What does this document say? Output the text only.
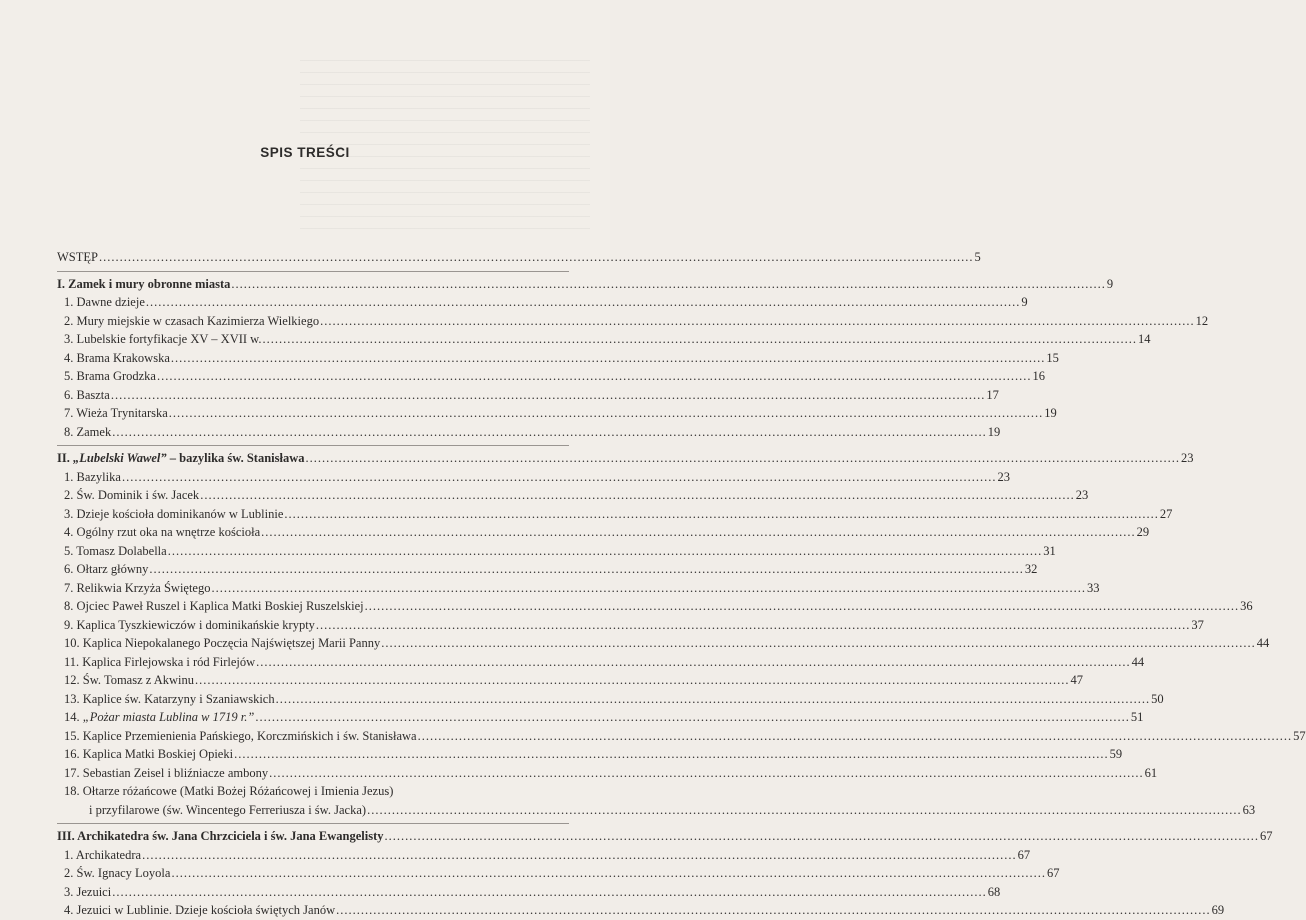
SPIS TREŚCI
WSTĘP .....	5
I. Zamek i mury obronne miasta .....	9
1. Dawne dzieje .....	9
2. Mury miejskie w czasach Kazimierza Wielkiego .....	12
3. Lubelskie fortyfikacje XV – XVII w. .....	14
4. Brama Krakowska .....	15
5. Brama Grodzka .....	16
6. Baszta .....	17
7. Wieża Trynitarska .....	19
8. Zamek .....	19
II. „Lubelski Wawel” – bazylika św. Stanisława .....	23
1. Bazylika .....	23
2. Św. Dominik i św. Jacek .....	23
3. Dzieje kościoła dominikanów w Lublinie .....	27
4. Ogólny rzut oka na wnętrze kościoła .....	29
5. Tomasz Dolabella .....	31
6. Ołtarz główny .....	32
7. Relikwia Krzyża Świętego .....	33
8. Ojciec Paweł Ruszel i Kaplica Matki Boskiej Ruszelskiej .....	36
9. Kaplica Tyszkiewiczów i dominikańskie krypty .....	37
10. Kaplica Niepokalanego Poczęcia Najświętszej Marii Panny .....	44
11. Kaplica Firlejowska i ród Firlejów .....	44
12. Św. Tomasz z Akwinu .....	47
13. Kaplice św. Katarzyny i Szaniawskich .....	50
14. „Pożar miasta Lublina w 1719 r.” .....	51
15. Kaplice Przemienienia Pańskiego, Korczmińskich i św. Stanisława .....	57
16. Kaplica Matki Boskiej Opieki .....	59
17. Sebastian Zeisel i bliźniacze ambony .....	61
18. Ołtarze różańcowe (Matki Bożej Różańcowej i Imienia Jezus)
i przyfilarowe (św. Wincentego Ferreriusza i św. Jacka) .....	63
III. Archikatedra św. Jana Chrzciciela i św. Jana Ewangelisty .....	67
1. Archikatedra .....	67
2. Św. Ignacy Loyola .....	67
3. Jezuici .....	68
4. Jezuici w Lublinie. Dzieje kościoła świętych Janów .....	69
